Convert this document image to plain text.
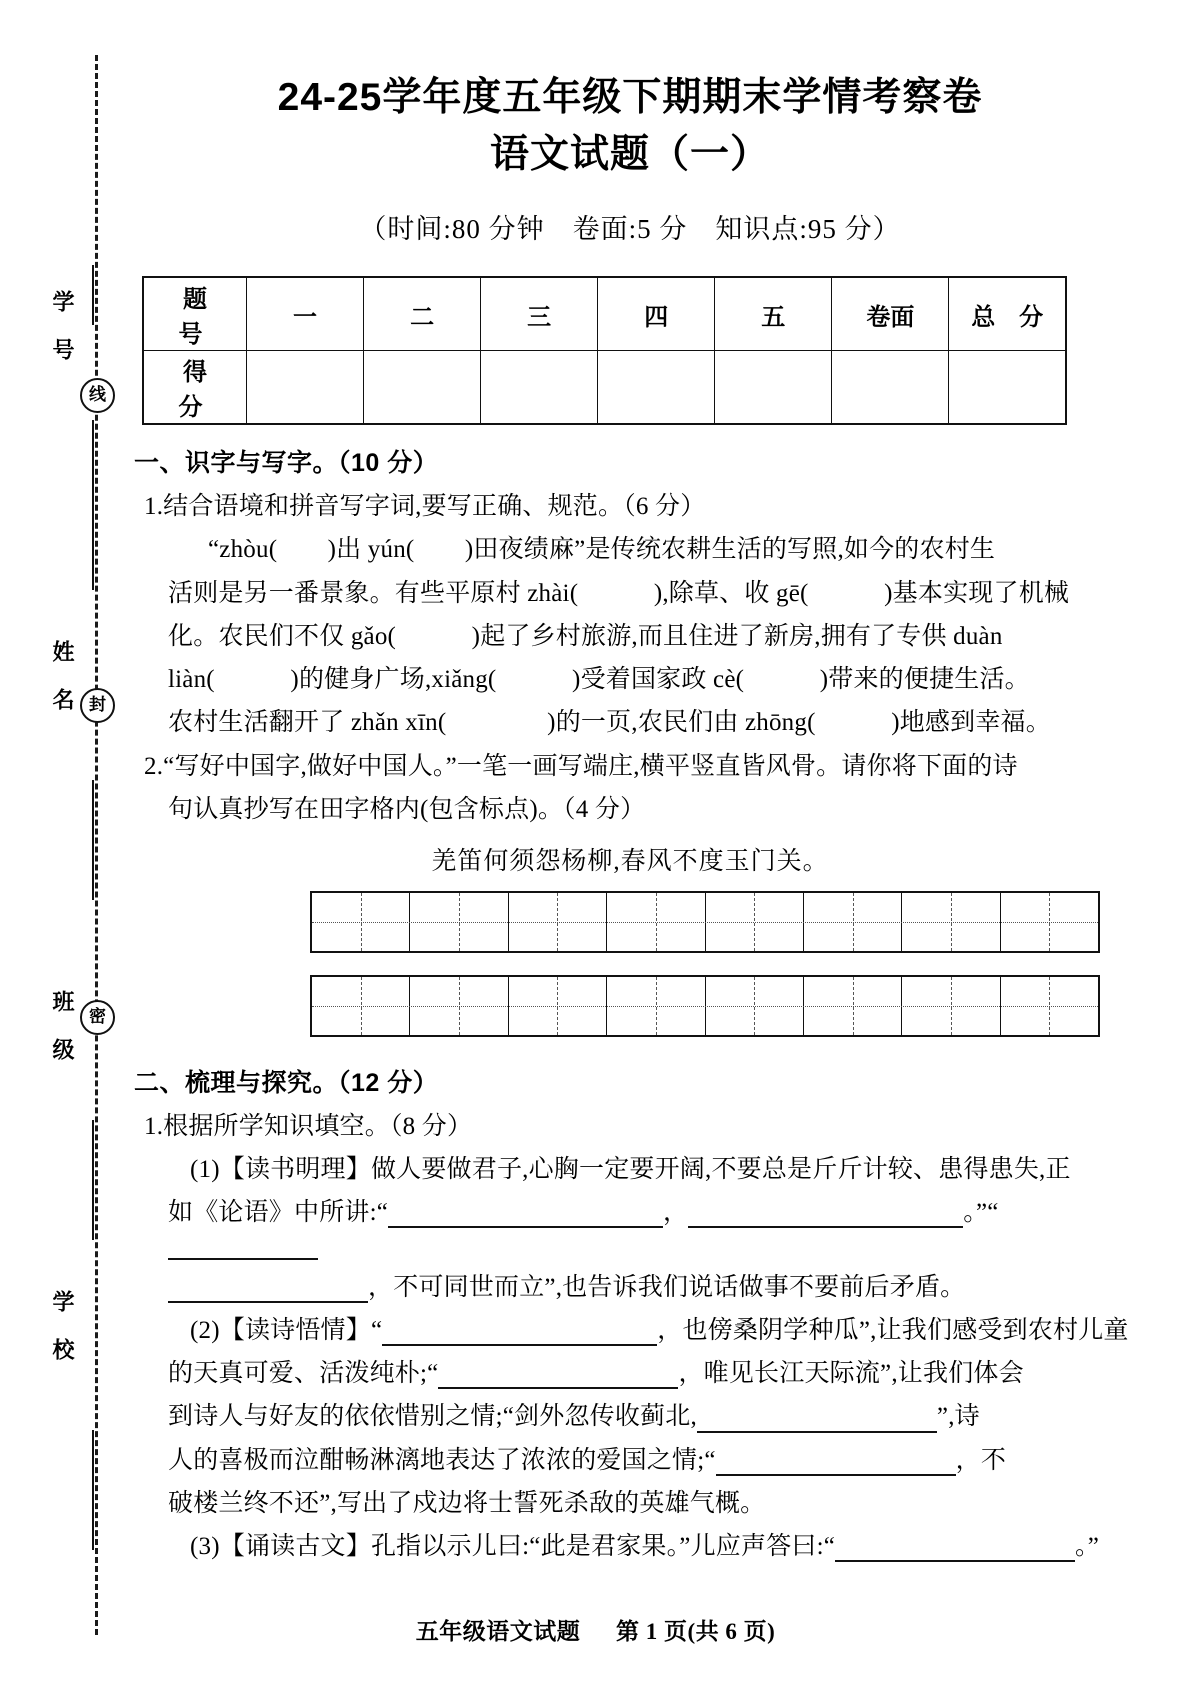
学　号
姓　名
班　级
学　校
线
封
密
24-25学年度五年级下期期末学情考察卷
语文试题（一）
（时间:80 分钟　卷面:5 分　知识点:95 分）
题　号	一	二	三	四	五	卷面	总　分
得　分							
一、识字与写字。（10 分）
1.结合语境和拼音写字词,要写正确、规范。（6 分）
“zhòu(　　)出 yún(　　)田夜绩麻”是传统农耕生活的写照,如今的农村生
活则是另一番景象。有些平原村 zhài(　　　),除草、收 gē(　　　)基本实现了机械
化。农民们不仅 gǎo(　　　)起了乡村旅游,而且住进了新房,拥有了专供 duàn
liàn(　　　)的健身广场,xiǎng(　　　)受着国家政 cè(　　　)带来的便捷生活。
农村生活翻开了 zhǎn xīn(　　　　)的一页,农民们由 zhōng(　　　)地感到幸福。
2.“写好中国字,做好中国人。”一笔一画写端庄,横平竖直皆风骨。请你将下面的诗
句认真抄写在田字格内(包含标点)。（4 分）
羌笛何须怨杨柳,春风不度玉门关。
二、梳理与探究。（12 分）
1.根据所学知识填空。（8 分）
(1)【读书明理】做人要做君子,心胸一定要开阔,不要总是斤斤计较、患得患失,正
如《论语》中所讲:“	，	。”“
，不可同世而立”,也告诉我们说话做事不要前后矛盾。
(2)【读诗悟情】“	，也傍桑阴学种瓜”,让我们感受到农村儿童
的天真可爱、活泼纯朴;“	，唯见长江天际流”,让我们体会
到诗人与好友的依依惜别之情;“剑外忽传收蓟北,	”,诗
人的喜极而泣酣畅淋漓地表达了浓浓的爱国之情;“	，不
破楼兰终不还”,写出了戍边将士誓死杀敌的英雄气概。
(3)【诵读古文】孔指以示儿曰:“此是君家果。”儿应声答曰:“	。”
五年级语文试题 第 1 页(共 6 页)
